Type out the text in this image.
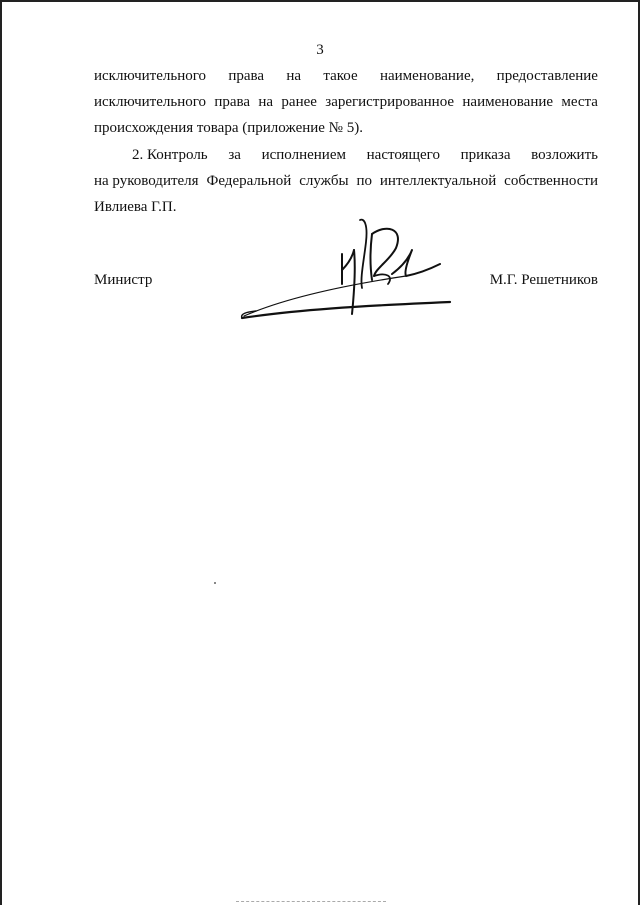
3
исключительного права на такое наименование, предоставление
исключительного права на ранее зарегистрированное наименование места
происхождения товара (приложение № 5).
2. Контроль за исполнением настоящего приказа возложить
на руководителя Федеральной службы по интеллектуальной собственности
Ивлиева Г.П.
Министр	М.Г. Решетников
